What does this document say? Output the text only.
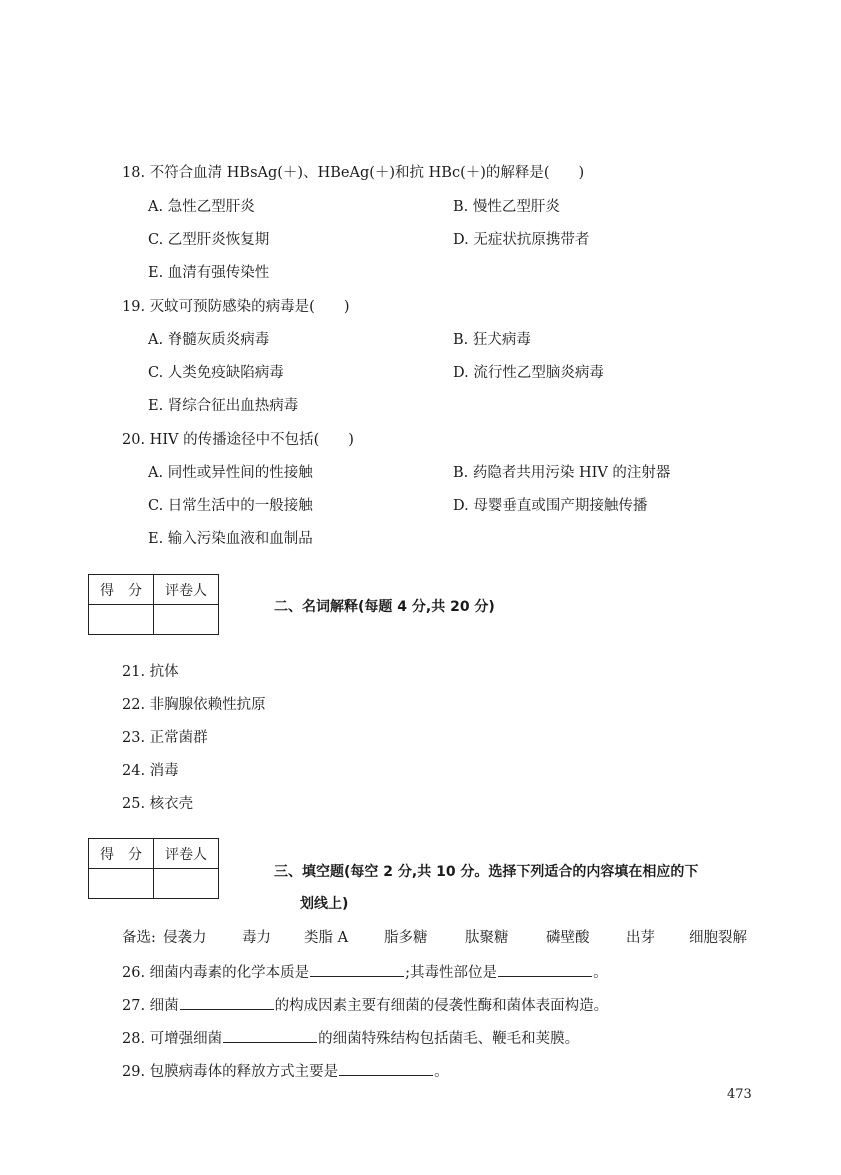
18. 不符合血清 HBsAg(＋)、HBeAg(＋)和抗 HBc(＋)的解释是(　　)
A. 急性乙型肝炎	B. 慢性乙型肝炎
C. 乙型肝炎恢复期	D. 无症状抗原携带者
E. 血清有强传染性
19. 灭蚊可预防感染的病毒是(　　)
A. 脊髓灰质炎病毒	B. 狂犬病毒
C. 人类免疫缺陷病毒	D. 流行性乙型脑炎病毒
E. 肾综合征出血热病毒
20. HIV 的传播途径中不包括(　　)
A. 同性或异性间的性接触	B. 药隐者共用污染 HIV 的注射器
C. 日常生活中的一般接触	D. 母婴垂直或围产期接触传播
E. 输入污染血液和血制品
得　分	评卷人

二、名词解释(每题 4 分,共 20 分)
21. 抗体
22. 非胸腺依赖性抗原
23. 正常菌群
24. 消毒
25. 核衣壳
得　分	评卷人

三、填空题(每空 2 分,共 10 分。选择下列适合的内容填在相应的下
划线上)
备选: 侵袭力 毒力 类脂 A 脂多糖	肽聚糖	磷壁酸	出芽 细胞裂解
26. 细菌内毒素的化学本质是	;其毒性部位是	。
27. 细菌	的构成因素主要有细菌的侵袭性酶和菌体表面构造。
28. 可增强细菌	的细菌特殊结构包括菌毛、鞭毛和荚膜。
29. 包膜病毒体的释放方式主要是	。
473
